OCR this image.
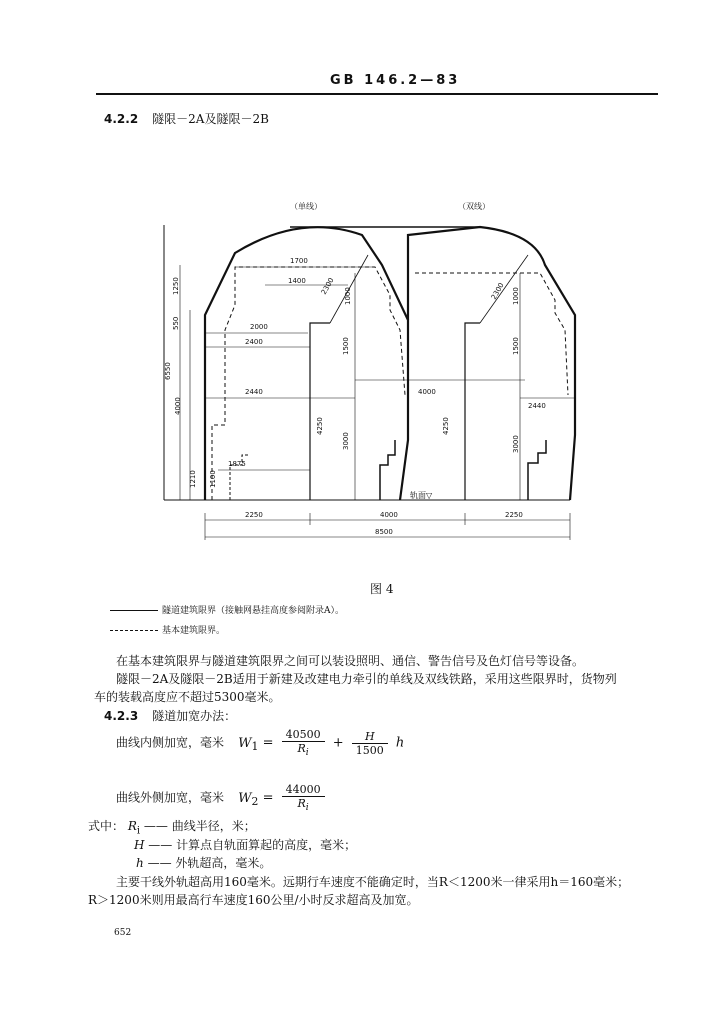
GB 146.2—83
4.2.2 隧限－2A及隧限－2B
（单线）	（双线）
1700
1400 2300
1000	2300 1000
1250
550
6550
4000
2000
2400	1500	1500
2440	4000
2440
4250	4250
3000	3000
1875
1100
1210
轨面▽
2250	4000	2250
8500
图 4
隧道建筑限界（接触网悬挂高度参阅附录A）。
基本建筑限界。
在基本建筑限界与隧道建筑限界之间可以装设照明、通信、警告信号及色灯信号等设备。
隧限－2A及隧限－2B适用于新建及改建电力牵引的单线及双线铁路，采用这些限界时，货物列
车的装载高度应不超过5300毫米。
4.2.3 隧道加宽办法：
曲线内侧加宽，毫米 $W_1 = \frac{40500}{R_i} + \frac{H}{1500}$ h
曲线外侧加宽，毫米 $W_2 = \frac{44000}{R_i}$
式中： $R_i$ —— 曲线半径，米；
H —— 计算点自轨面算起的高度，毫米；
h —— 外轨超高，毫米。
主要干线外轨超高用160毫米。远期行车速度不能确定时，当R＜1200米一律采用h＝160毫米；
R＞1200米则用最高行车速度160公里/小时反求超高及加宽。
652
